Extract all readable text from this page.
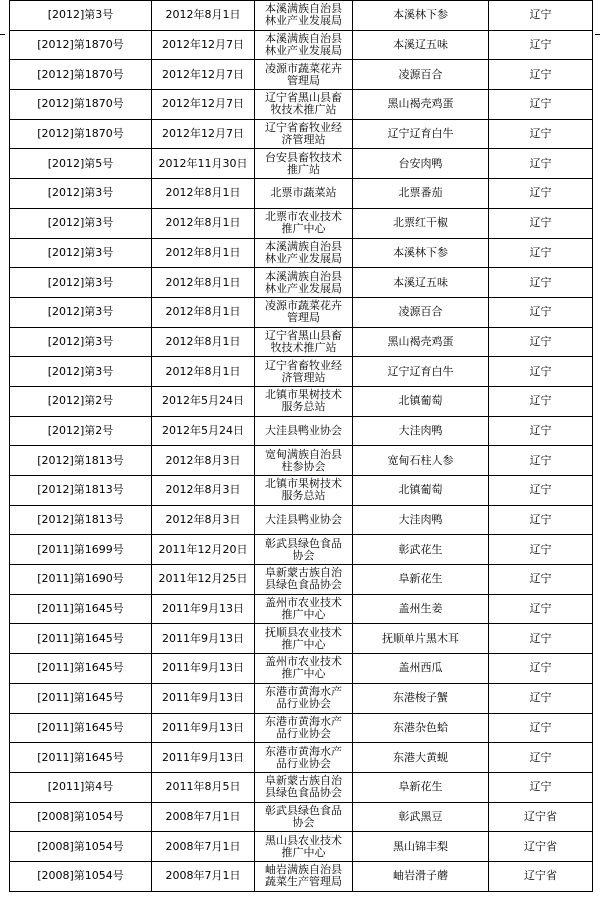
[2012]第3号	2012年8月1日	本溪满族自治县林业产业发展局	本溪林下参	辽宁
[2012]第1870号	2012年12月7日	本溪满族自治县林业产业发展局	本溪辽五味	辽宁
[2012]第1870号	2012年12月7日	凌源市蔬菜花卉管理局	凌源百合	辽宁
[2012]第1870号	2012年12月7日	辽宁省黑山县畜牧技术推广站	黑山褐壳鸡蛋	辽宁
[2012]第1870号	2012年12月7日	辽宁省畜牧业经济管理站	辽宁辽育白牛	辽宁
[2012]第5号	2012年11月30日	台安县畜牧技术推广站	台安肉鸭	辽宁
[2012]第3号	2012年8月1日	北票市蔬菜站	北票番茄	辽宁
[2012]第3号	2012年8月1日	北票市农业技术推广中心	北票红干椒	辽宁
[2012]第3号	2012年8月1日	本溪满族自治县林业产业发展局	本溪林下参	辽宁
[2012]第3号	2012年8月1日	本溪满族自治县林业产业发展局	本溪辽五味	辽宁
[2012]第3号	2012年8月1日	凌源市蔬菜花卉管理局	凌源百合	辽宁
[2012]第3号	2012年8月1日	辽宁省黑山县畜牧技术推广站	黑山褐壳鸡蛋	辽宁
[2012]第3号	2012年8月1日	辽宁省畜牧业经济管理站	辽宁辽育白牛	辽宁
[2012]第2号	2012年5月24日	北镇市果树技术服务总站	北镇葡萄	辽宁
[2012]第2号	2012年5月24日	大洼县鸭业协会	大洼肉鸭	辽宁
[2012]第1813号	2012年8月3日	宽甸满族自治县柱参协会	宽甸石柱人参	辽宁
[2012]第1813号	2012年8月3日	北镇市果树技术服务总站	北镇葡萄	辽宁
[2012]第1813号	2012年8月3日	大洼县鸭业协会	大洼肉鸭	辽宁
[2011]第1699号	2011年12月20日	彰武县绿色食品协会	彰武花生	辽宁
[2011]第1690号	2011年12月25日	阜新蒙古族自治县绿色食品协会	阜新花生	辽宁
[2011]第1645号	2011年9月13日	盖州市农业技术推广中心	盖州生姜	辽宁
[2011]第1645号	2011年9月13日	抚顺县农业技术推广中心	抚顺单片黑木耳	辽宁
[2011]第1645号	2011年9月13日	盖州市农业技术推广中心	盖州西瓜	辽宁
[2011]第1645号	2011年9月13日	东港市黄海水产品行业协会	东港梭子蟹	辽宁
[2011]第1645号	2011年9月13日	东港市黄海水产品行业协会	东港杂色蛤	辽宁
[2011]第1645号	2011年9月13日	东港市黄海水产品行业协会	东港大黄蚬	辽宁
[2011]第4号	2011年8月5日	阜新蒙古族自治县绿色食品协会	阜新花生	辽宁
[2008]第1054号	2008年7月1日	彰武县绿色食品协会	彰武黑豆	辽宁省
[2008]第1054号	2008年7月1日	黑山县农业技术推广中心	黑山锦丰梨	辽宁省
[2008]第1054号	2008年7月1日	岫岩满族自治县蔬菜生产管理局	岫岩滑子蘑	辽宁省
